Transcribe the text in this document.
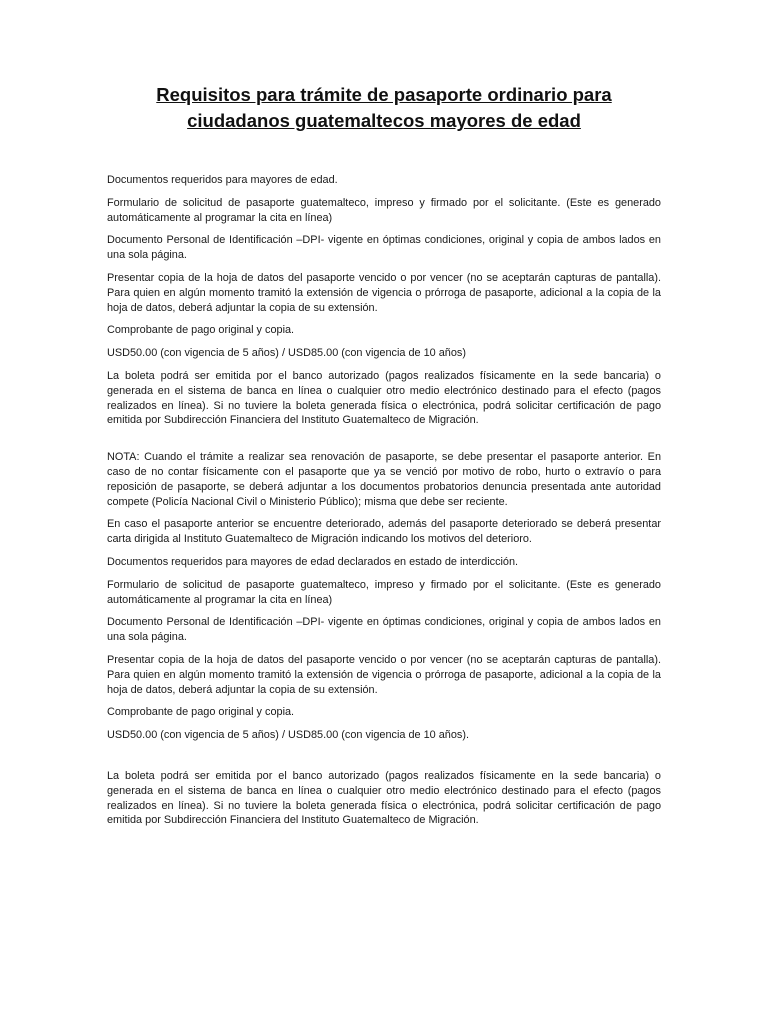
Requisitos para trámite de pasaporte ordinario para
ciudadanos guatemaltecos mayores de edad

Documentos requeridos para mayores de edad.

Formulario de solicitud de pasaporte guatemalteco, impreso y firmado por el solicitante. (Este es generado automáticamente al programar la cita en línea)

Documento Personal de Identificación –DPI- vigente en óptimas condiciones, original y copia de ambos lados en una sola página.

Presentar copia de la hoja de datos del pasaporte vencido o por vencer (no se aceptarán capturas de pantalla). Para quien en algún momento tramitó la extensión de vigencia o prórroga de pasaporte, adicional a la copia de la hoja de datos, deberá adjuntar la copia de su extensión.

Comprobante de pago original y copia.

USD50.00 (con vigencia de 5 años) / USD85.00 (con vigencia de 10 años)

La boleta podrá ser emitida por el banco autorizado (pagos realizados físicamente en la sede bancaria) o generada en el sistema de banca en línea o cualquier otro medio electrónico destinado para el efecto (pagos realizados en línea). Si no tuviere la boleta generada física o electrónica, podrá solicitar certificación de pago emitida por Subdirección Financiera del Instituto Guatemalteco de Migración.

NOTA: Cuando el trámite a realizar sea renovación de pasaporte, se debe presentar el pasaporte anterior. En caso de no contar físicamente con el pasaporte que ya se venció por motivo de robo, hurto o extravío o para reposición de pasaporte, se deberá adjuntar a los documentos probatorios denuncia presentada ante autoridad compete (Policía Nacional Civil o Ministerio Público); misma que debe ser reciente.

En caso el pasaporte anterior se encuentre deteriorado, además del pasaporte deteriorado se deberá presentar carta dirigida al Instituto Guatemalteco de Migración indicando los motivos del deterioro.

Documentos requeridos para mayores de edad declarados en estado de interdicción.

Formulario de solicitud de pasaporte guatemalteco, impreso y firmado por el solicitante. (Este es generado automáticamente al programar la cita en línea)

Documento Personal de Identificación –DPI- vigente en óptimas condiciones, original y copia de ambos lados en una sola página.

Presentar copia de la hoja de datos del pasaporte vencido o por vencer (no se aceptarán capturas de pantalla). Para quien en algún momento tramitó la extensión de vigencia o prórroga de pasaporte, adicional a la copia de la hoja de datos, deberá adjuntar la copia de su extensión.

Comprobante de pago original y copia.

USD50.00 (con vigencia de 5 años) / USD85.00 (con vigencia de 10 años).

La boleta podrá ser emitida por el banco autorizado (pagos realizados físicamente en la sede bancaria) o generada en el sistema de banca en línea o cualquier otro medio electrónico destinado para el efecto (pagos realizados en línea). Si no tuviere la boleta generada física o electrónica, podrá solicitar certificación de pago emitida por Subdirección Financiera del Instituto Guatemalteco de Migración.
